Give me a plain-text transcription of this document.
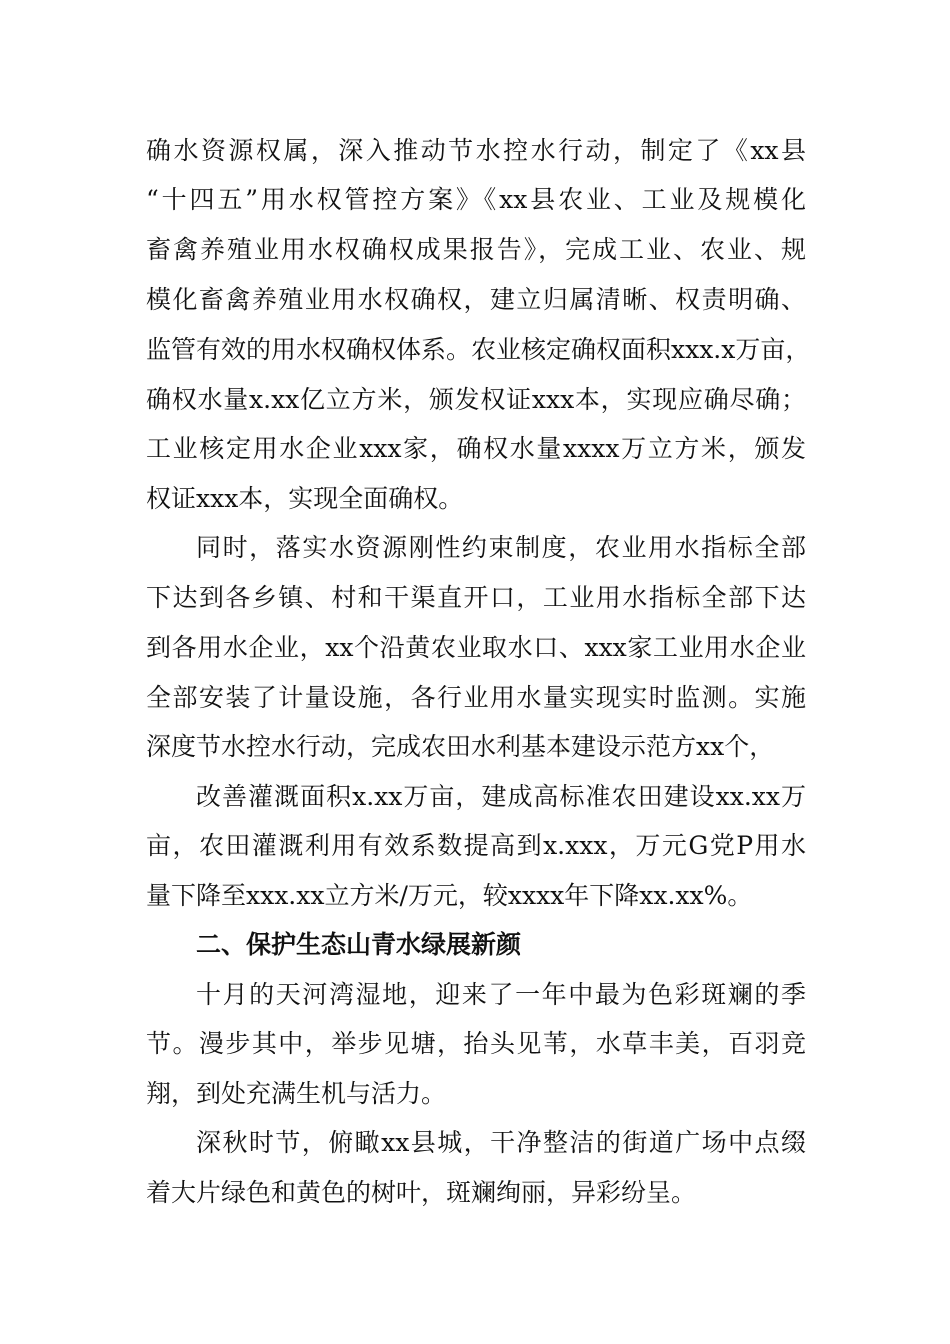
确水资源权属，深入推动节水控水行动，制定了《xx县
“十四五”用水权管控方案》《xx县农业、工业及规模化
畜禽养殖业用水权确权成果报告》，完成工业、农业、规
模化畜禽养殖业用水权确权，建立归属清晰、权责明确、
监管有效的用水权确权体系。农业核定确权面积xxx.x万亩，
确权水量x.xx亿立方米，颁发权证xxx本，实现应确尽确；
工业核定用水企业xxx家，确权水量xxxx万立方米，颁发
权证xxx本，实现全面确权。
同时，落实水资源刚性约束制度，农业用水指标全部
下达到各乡镇、村和干渠直开口，工业用水指标全部下达
到各用水企业，xx个沿黄农业取水口、xxx家工业用水企业
全部安装了计量设施，各行业用水量实现实时监测。实施
深度节水控水行动，完成农田水利基本建设示范方xx个，
改善灌溉面积x.xx万亩，建成高标准农田建设xx.xx万
亩，农田灌溉利用有效系数提高到x.xxx，万元G党P用水
量下降至xxx.xx立方米/万元，较xxxx年下降xx.xx%。
二、保护生态山青水绿展新颜
十月的天河湾湿地，迎来了一年中最为色彩斑斓的季
节。漫步其中，举步见塘，抬头见苇，水草丰美，百羽竞
翔，到处充满生机与活力。
深秋时节，俯瞰xx县城，干净整洁的街道广场中点缀
着大片绿色和黄色的树叶，斑斓绚丽，异彩纷呈。
